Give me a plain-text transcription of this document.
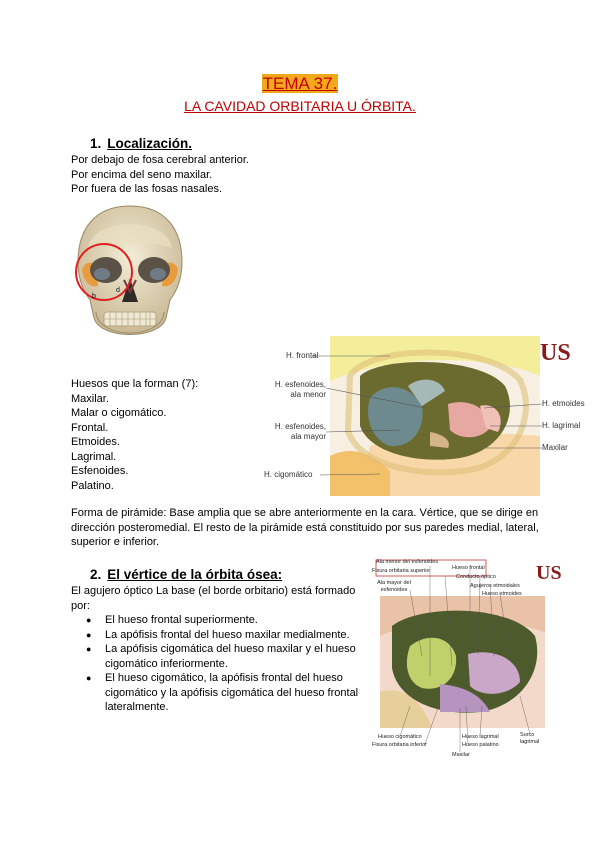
TEMA 37.
LA CAVIDAD ORBITARIA U ÓRBITA.
1. Localización.
Por debajo de fosa cerebral anterior.
Por encima del seno maxilar.
Por fuera de las fosas nasales.
b
d
Huesos que la forman (7):
Maxilar.
Malar o cigomático.
Frontal.
Etmoides.
Lagrimal.
Esfenoides.
Palatino.
H. frontal
H. esfenoides, ala menor
H. esfenoides, ala mayor
H. cigomático
H. etmoides
H. lagrimal
Maxilar
US
Forma de pirámide: Base amplia que se abre anteriormente en la cara. Vértice, que se dirige en dirección posteromedial. El resto de la pirámide está constituido por sus paredes medial, lateral, superior e inferior.
2. El vértice de la órbita ósea:
El agujero óptico La base (el borde orbitario) está formado por:
● El hueso frontal superiormente.
● La apófisis frontal del hueso maxilar medialmente.
● La apófisis cigomática del hueso maxilar y el hueso cigomático inferiormente.
● El hueso cigomático, la apófisis frontal del hueso cigomático y la apófisis cigomática del hueso frontal lateralmente.
Ala menor del esfenoides
Fisura orbitaria superior
Ala mayor del esfenoides
Hueso frontal
Conducto óptico
Agujeros etmoidales
Hueso etmoides
Hueso cigomático
Fisura orbitaria inferior
Hueso lagrimal
Hueso palatino
Maxilar
Surco lagrimal
US
